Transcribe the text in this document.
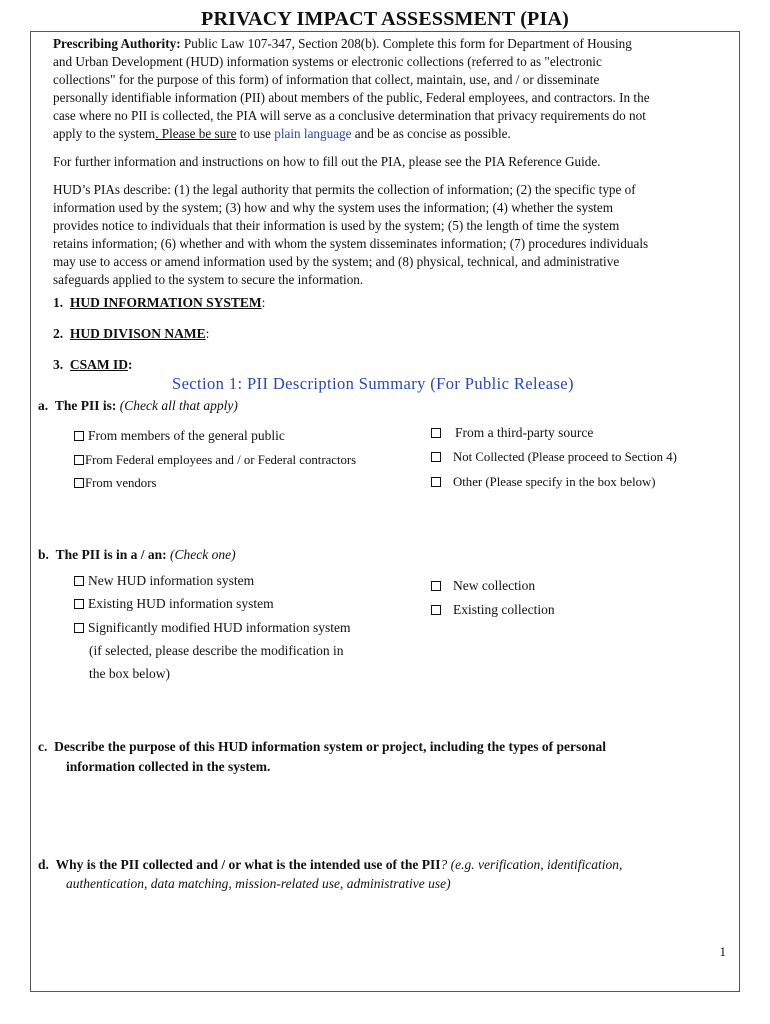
PRIVACY IMPACT ASSESSMENT (PIA)
Prescribing Authority: Public Law 107-347, Section 208(b). Complete this form for Department of Housing
and Urban Development (HUD) information systems or electronic collections (referred to as "electronic
collections" for the purpose of this form) of information that collect, maintain, use, and / or disseminate
personally identifiable information (PII) about members of the public, Federal employees, and contractors. In the
case where no PII is collected, the PIA will serve as a conclusive determination that privacy requirements do not
apply to the system. Please be sure to use plain language and be as concise as possible.
For further information and instructions on how to fill out the PIA, please see the PIA Reference Guide.
HUD’s PIAs describe: (1) the legal authority that permits the collection of information; (2) the specific type of
information used by the system; (3) how and why the system uses the information; (4) whether the system
provides notice to individuals that their information is used by the system; (5) the length of time the system
retains information; (6) whether and with whom the system disseminates information; (7) procedures individuals
may use to access or amend information used by the system; and (8) physical, technical, and administrative
safeguards applied to the system to secure the information.
1. HUD INFORMATION SYSTEM:
2. HUD DIVISON NAME:
3. CSAM ID:
Section 1: PII Description Summary (For Public Release)
a. The PII is: (Check all that apply)
From members of the general public
From Federal employees and / or Federal contractors
From vendors
From a third-party source
Not Collected (Please proceed to Section 4)
Other (Please specify in the box below)
b. The PII is in a / an: (Check one)
New HUD information system
Existing HUD information system
Significantly modified HUD information system
(if selected, please describe the modification in
the box below)
New collection
Existing collection
c. Describe the purpose of this HUD information system or project, including the types of personal
information collected in the system.
d. Why is the PII collected and / or what is the intended use of the PII? (e.g. verification, identification,
authentication, data matching, mission-related use, administrative use)
1
